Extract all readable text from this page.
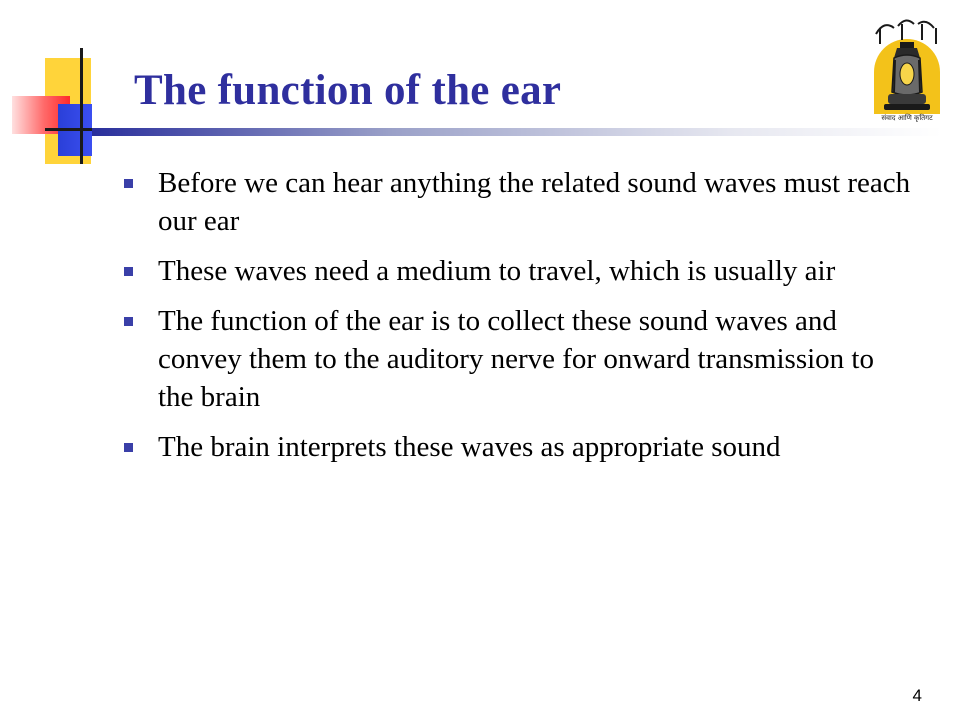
The function of the ear
संवाद आणि कृतिगट
Before we can hear anything the related sound waves must reach our ear
These waves need a medium to travel, which is usually air
The function of the ear is to collect these sound waves and convey them to the auditory nerve for onward transmission to the brain
The brain interprets these waves as appropriate sound
4
